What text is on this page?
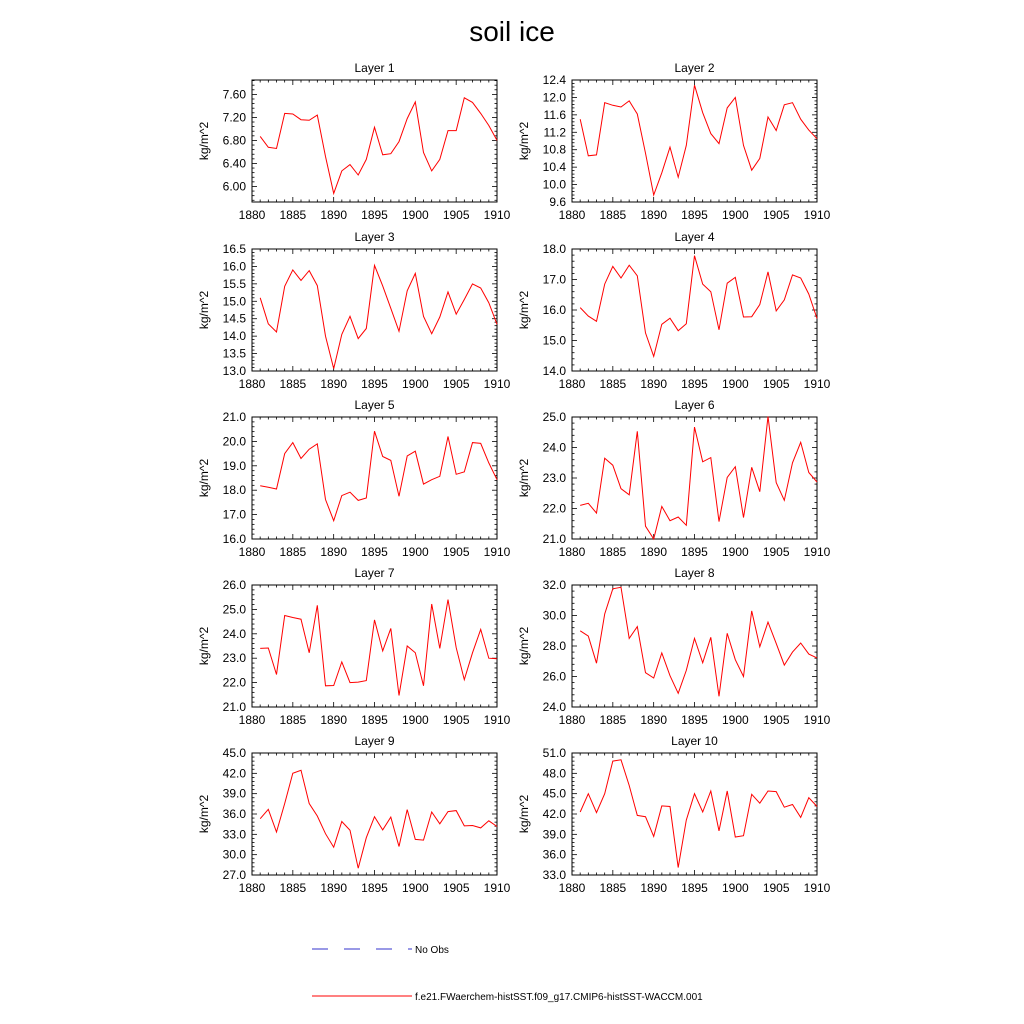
soil ice
Layer 1
kg/m^2
1880 1885 1890 1895 1900 1905 1910
6.00
6.40
6.80
7.20
7.60
Layer 2
kg/m^2
1880 1885 1890 1895 1900 1905 1910
9.6
10.0
10.4
10.8
11.2
11.6
12.0
12.4
Layer 3
kg/m^2
1880 1885 1890 1895 1900 1905 1910
13.0
13.5
14.0
14.5
15.0
15.5
16.0
16.5
Layer 4
kg/m^2
1880 1885 1890 1895 1900 1905 1910
14.0
15.0
16.0
17.0
18.0
Layer 5
kg/m^2
1880 1885 1890 1895 1900 1905 1910
16.0
17.0
18.0
19.0
20.0
21.0
Layer 6
kg/m^2
1880 1885 1890 1895 1900 1905 1910
21.0
22.0
23.0
24.0
25.0
Layer 7
kg/m^2
1880 1885 1890 1895 1900 1905 1910
21.0
22.0
23.0
24.0
25.0
26.0
Layer 8
kg/m^2
1880 1885 1890 1895 1900 1905 1910
24.0
26.0
28.0
30.0
32.0
Layer 9
kg/m^2
1880 1885 1890 1895 1900 1905 1910
27.0
30.0
33.0
36.0
39.0
42.0
45.0
Layer 10
kg/m^2
1880 1885 1890 1895 1900 1905 1910
33.0
36.0
39.0
42.0
45.0
48.0
51.0
No Obs
f.e21.FWaerchem-histSST.f09_g17.CMIP6-histSST-WACCM.001
